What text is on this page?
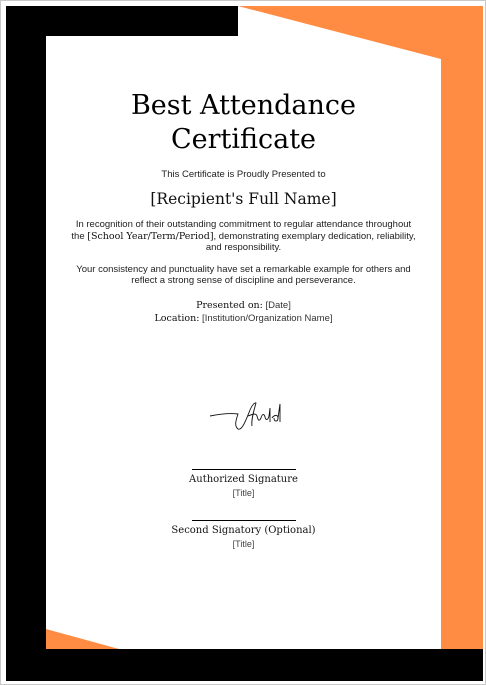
Best Attendance
Certificate
This Certificate is Proudly Presented to
[Recipient's Full Name]
In recognition of their outstanding commitment to regular attendance throughout
the [School Year/Term/Period], demonstrating exemplary dedication, reliability, and responsibility.
Your consistency and punctuality have set a remarkable example for others and reflect a strong sense of discipline and perseverance.
Presented on: [Date]
Location: [Institution/Organization Name]
Authorized Signature
[Title]
Second Signatory (Optional)
[Title]
